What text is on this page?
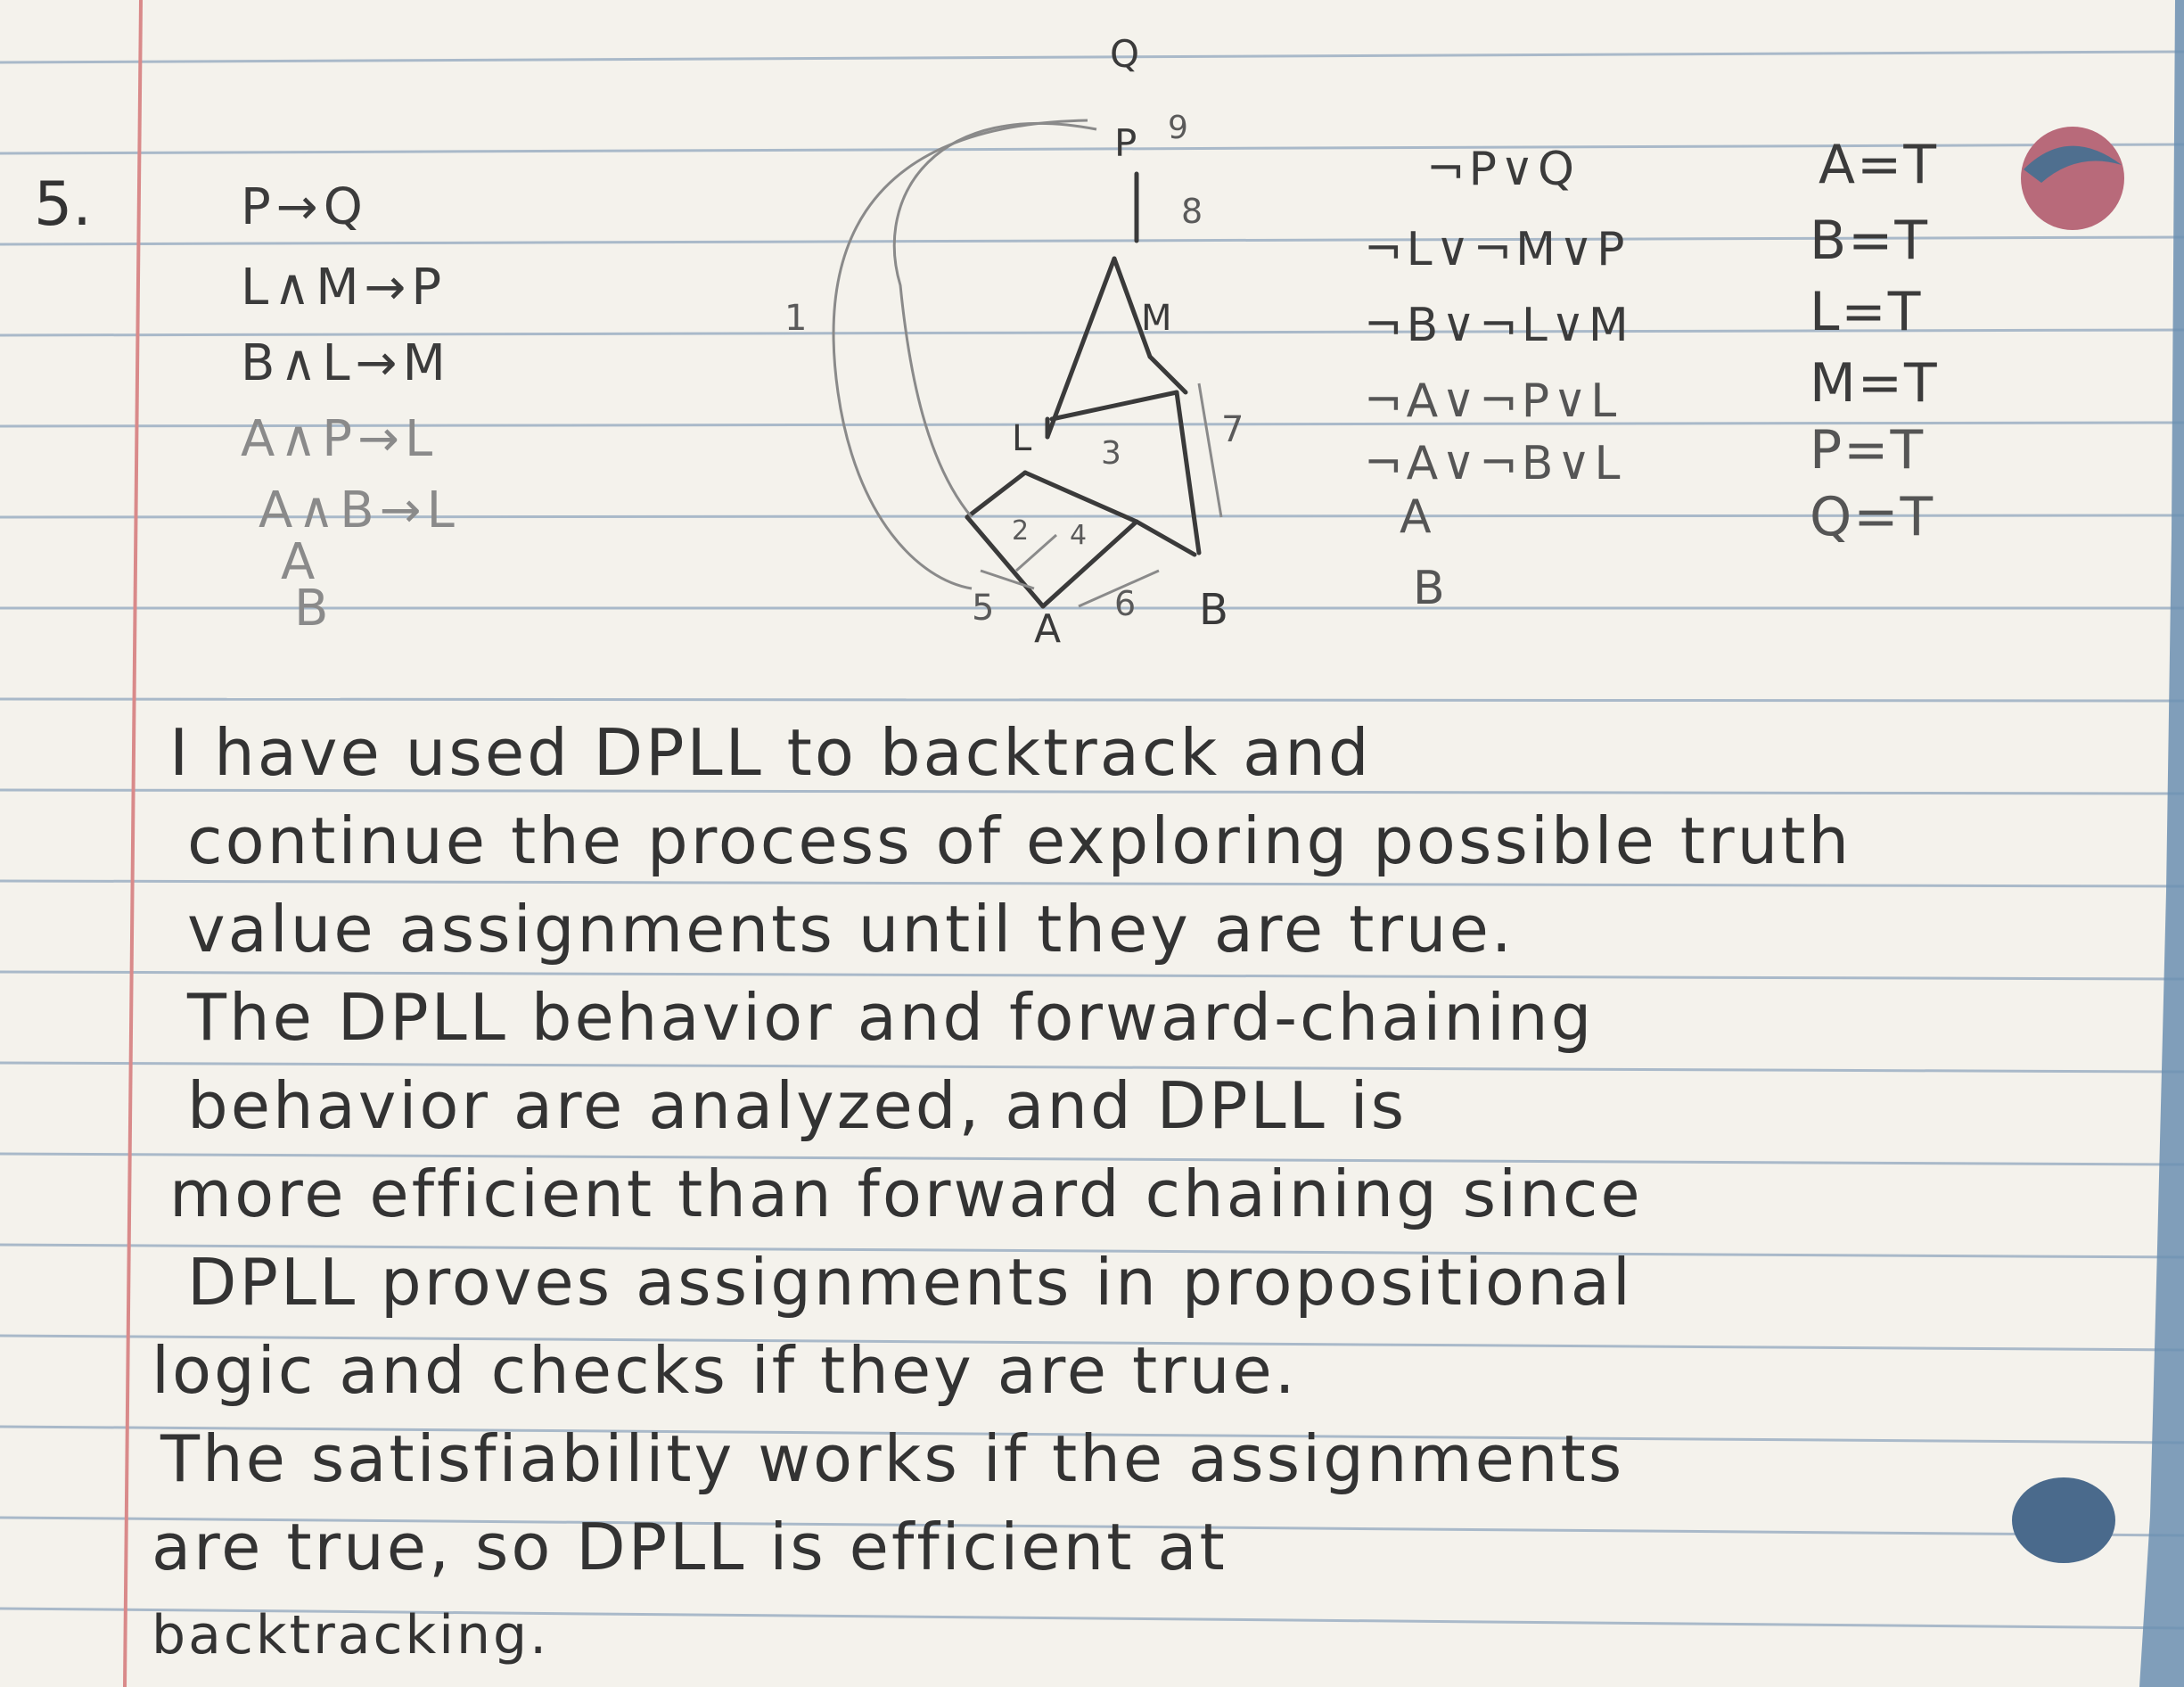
5.	P→Q
L∧M→P
B∧L→M
A∧P→L
A∧B→L
A
B
Q
P
M
L
A	B
1
2
3
4
5	6
7
8
9
¬P∨Q
¬L∨¬M∨P
¬B∨¬L∨M
¬A∨¬P∨L
¬A∨¬B∨L
A
B
A=T
B=T
L=T
M=T
P=T
Q=T
I have used DPLL to backtrack and
continue the process of exploring possible truth
value assignments until they are true.
The DPLL behavior and forward-chaining
behavior are analyzed, and DPLL is
more efficient than forward chaining since
DPLL proves assignments in propositional
logic and checks if they are true.
The satisfiability works if the assignments
are true, so DPLL is efficient at
backtracking.
